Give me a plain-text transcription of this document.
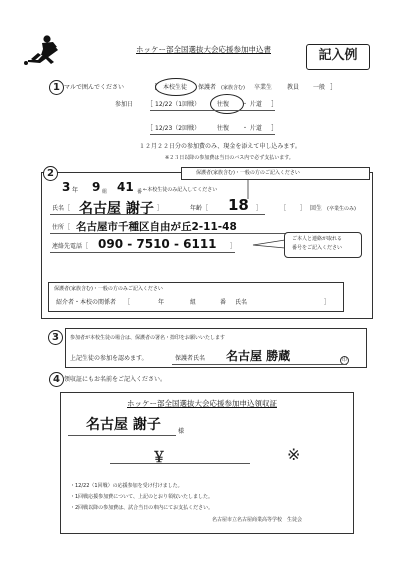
ホッケー部全国選抜大会応援参加申込書	記入例
1 マルで囲んでください	［ 本校生徒 保護者 (家族含む) 卒業生 教員 一般 ］
参加日 ［ 12/22（1回戦）	往復 ・ 片道 ］
［ 12/23（2回戦）	往復 ・ 片道 ］
１２月２２日分の参加費のみ、現金を添えて申し込みます。
※２３日以降の参加費は当日のバス内で必ず支払います。
2	保護者(家族含む)・一般の方のご記入ください
3 年 9 組 41 番 ←本校生徒のみ記入してください
氏名［ 名古屋 謝子 ］	年齢［ 18 ］	［ ］ 回生 (卒業生のみ)
住所［ 名古屋市千種区自由が丘2-11-48
連絡先電話［ 090 - 7510 - 6111 ］
ご本人と連絡が取れる
番号をご記入ください
保護者(家族含む)・一般の方のみご記入ください
紹介者・本校の関係者 ［	年	組	番 氏名	］
3	参加者が本校生徒の場合は、保護者の署名・捺印をお願いいたします
上記生徒の参加を認めます。	保護者氏名 名古屋 勝蔵	印
4 領収証にもお名前をご記入ください。
ホッケー部全国選抜大会応援参加申込領収証
名古屋 謝子	様
￥	※
・12/22（1回戦）の応援参加を受け付けました。
・1回戦応援参加費について、上記のとおり領収いたしました。
・2回戦以降の参加費は、試合当日の車内にてお支払ください。
名古屋市立名古屋商業高等学校　生徒会
